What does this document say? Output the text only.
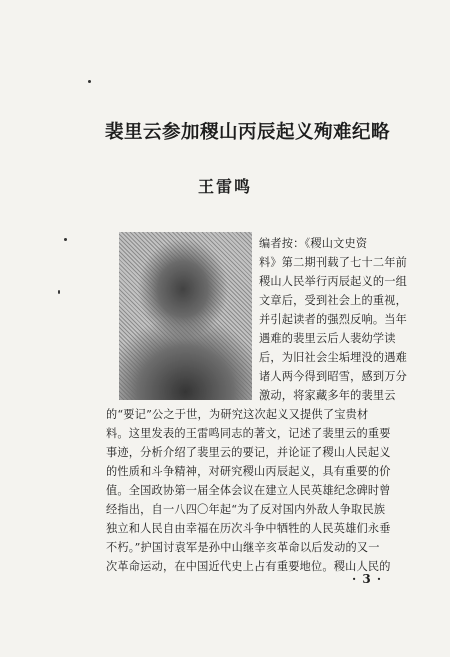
裴里云参加稷山丙辰起义殉难纪略
王雷鸣
编者按：《稷山文史资
料》第二期刊载了七十二年前
稷山人民举行丙辰起义的一组
文章后，受到社会上的重视，
并引起读者的强烈反响。当年
遇难的裴里云后人裴幼学读
后，为旧社会尘垢埋没的遇难
诸人两今得到昭雪，感到万分
激动，将家藏多年的裴里云
的“要记”公之于世，为研究这次起义又提供了宝贵材
料。这里发表的王雷鸣同志的著文，记述了裴里云的重要
事迹，分析介绍了裴里云的要记，并论证了稷山人民起义
的性质和斗争精神，对研究稷山丙辰起义，具有重要的价
值。全国政协第一届全体会议在建立人民英雄纪念碑时曾
经指出，自一八四〇年起“为了反对国内外敌人争取民族
独立和人民自由幸福在历次斗争中牺牲的人民英雄们永垂
不朽。”护国讨袁军是孙中山继辛亥革命以后发动的又一
次革命运动，在中国近代史上占有重要地位。稷山人民的
· 3 ·
